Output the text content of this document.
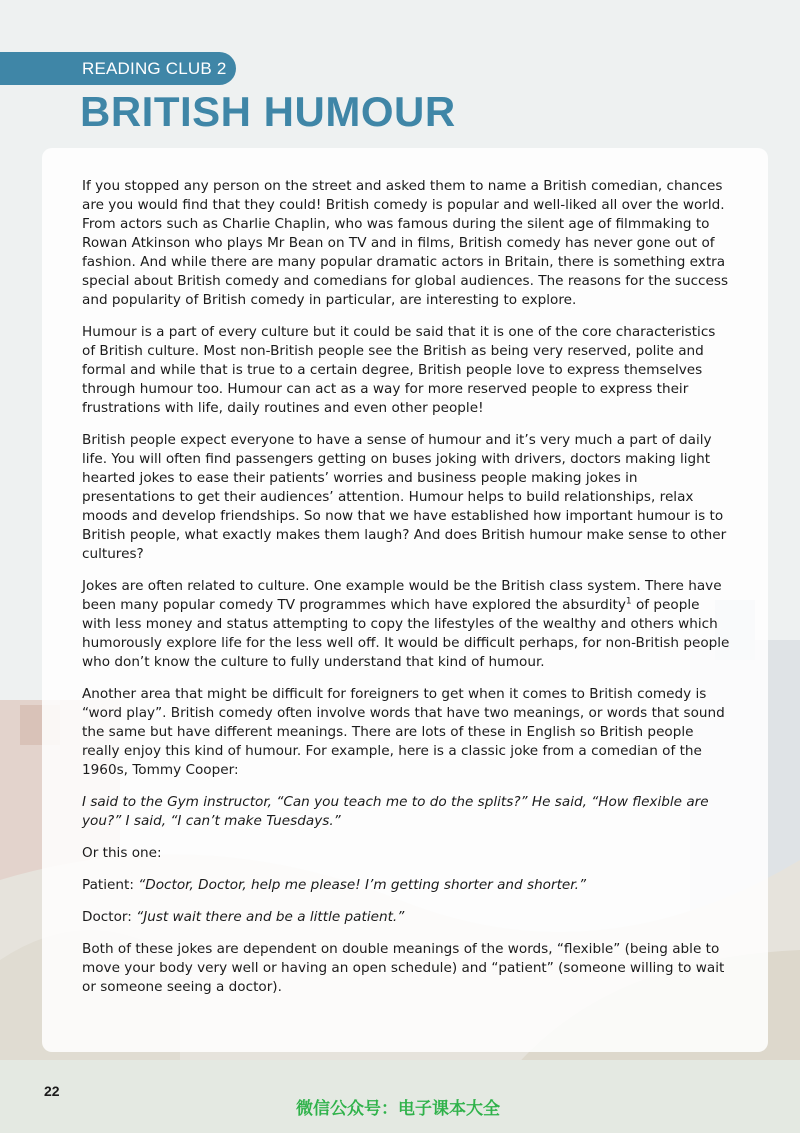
READING CLUB 2
BRITISH HUMOUR

If you stopped any person on the street and asked them to name a British comedian, chances are you would find that they could! British comedy is popular and well-liked all over the world. From actors such as Charlie Chaplin, who was famous during the silent age of filmmaking to Rowan Atkinson who plays Mr Bean on TV and in films, British comedy has never gone out of fashion. And while there are many popular dramatic actors in Britain, there is something extra special about British comedy and comedians for global audiences. The reasons for the success and popularity of British comedy in particular, are interesting to explore.

Humour is a part of every culture but it could be said that it is one of the core characteristics of British culture. Most non-British people see the British as being very reserved, polite and formal and while that is true to a certain degree, British people love to express themselves through humour too. Humour can act as a way for more reserved people to express their frustrations with life, daily routines and even other people!

British people expect everyone to have a sense of humour and it’s very much a part of daily life. You will often find passengers getting on buses joking with drivers, doctors making light hearted jokes to ease their patients’ worries and business people making jokes in presentations to get their audiences’ attention. Humour helps to build relationships, relax moods and develop friendships. So now that we have established how important humour is to British people, what exactly makes them laugh? And does British humour make sense to other cultures?

Jokes are often related to culture. One example would be the British class system. There have been many popular comedy TV programmes which have explored the absurdity$^1$ of people with less money and status attempting to copy the lifestyles of the wealthy and others which humorously explore life for the less well off. It would be difficult perhaps, for non-British people who don’t know the culture to fully understand that kind of humour.

Another area that might be difficult for foreigners to get when it comes to British comedy is “word play”. British comedy often involve words that have two meanings, or words that sound the same but have different meanings. There are lots of these in English so British people really enjoy this kind of humour. For example, here is a classic joke from a comedian of the 1960s, Tommy Cooper:

I said to the Gym instructor, “Can you teach me to do the splits?” He said, “How flexible are you?” I said, “I can’t make Tuesdays.”

Or this one:

Patient: “Doctor, Doctor, help me please! I’m getting shorter and shorter.”

Doctor: “Just wait there and be a little patient.”

Both of these jokes are dependent on double meanings of the words, “flexible” (being able to move your body very well or having an open schedule) and “patient” (someone willing to wait or someone seeing a doctor).

22
微信公众号：电子课本大全
